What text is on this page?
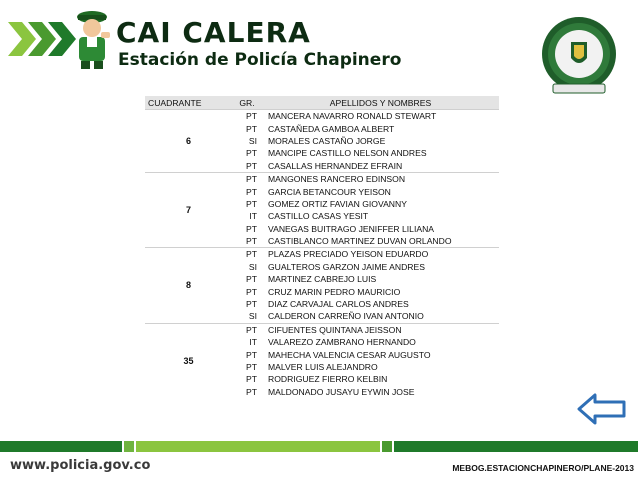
CAI CALERA
Estación de Policía Chapinero
CUADRANTE	GR.	APELLIDOS Y NOMBRES
6	PT	MANCERA NAVARRO RONALD STEWART
	PT	CASTAÑEDA GAMBOA ALBERT
	SI	MORALES CASTAÑO JORGE
	PT	MANCIPE CASTILLO NELSON ANDRES
	PT	CASALLAS HERNANDEZ EFRAIN
7	PT	MANGONES RANCERO EDINSON
	PT	GARCIA BETANCOUR YEISON
	PT	GOMEZ ORTIZ FAVIAN GIOVANNY
	IT	CASTILLO CASAS YESIT
	PT	VANEGAS BUITRAGO JENIFFER LILIANA
	PT	CASTIBLANCO MARTINEZ DUVAN ORLANDO
8	PT	PLAZAS PRECIADO YEISON EDUARDO
	SI	GUALTEROS GARZON JAIME ANDRES
	PT	MARTINEZ CABREJO LUIS
	PT	CRUZ MARIN PEDRO MAURICIO
	PT	DIAZ CARVAJAL CARLOS ANDRES
	SI	CALDERON CARREÑO IVAN ANTONIO
35	PT	CIFUENTES QUINTANA JEISSON
	IT	VALAREZO ZAMBRANO HERNANDO
	PT	MAHECHA VALENCIA CESAR AUGUSTO
	PT	MALVER LUIS ALEJANDRO
	PT	RODRIGUEZ FIERRO KELBIN
	PT	MALDONADO JUSAYU EYWIN JOSE
www.policia.gov.co	MEBOG.ESTACIONCHAPINERO/PLANE-2013
